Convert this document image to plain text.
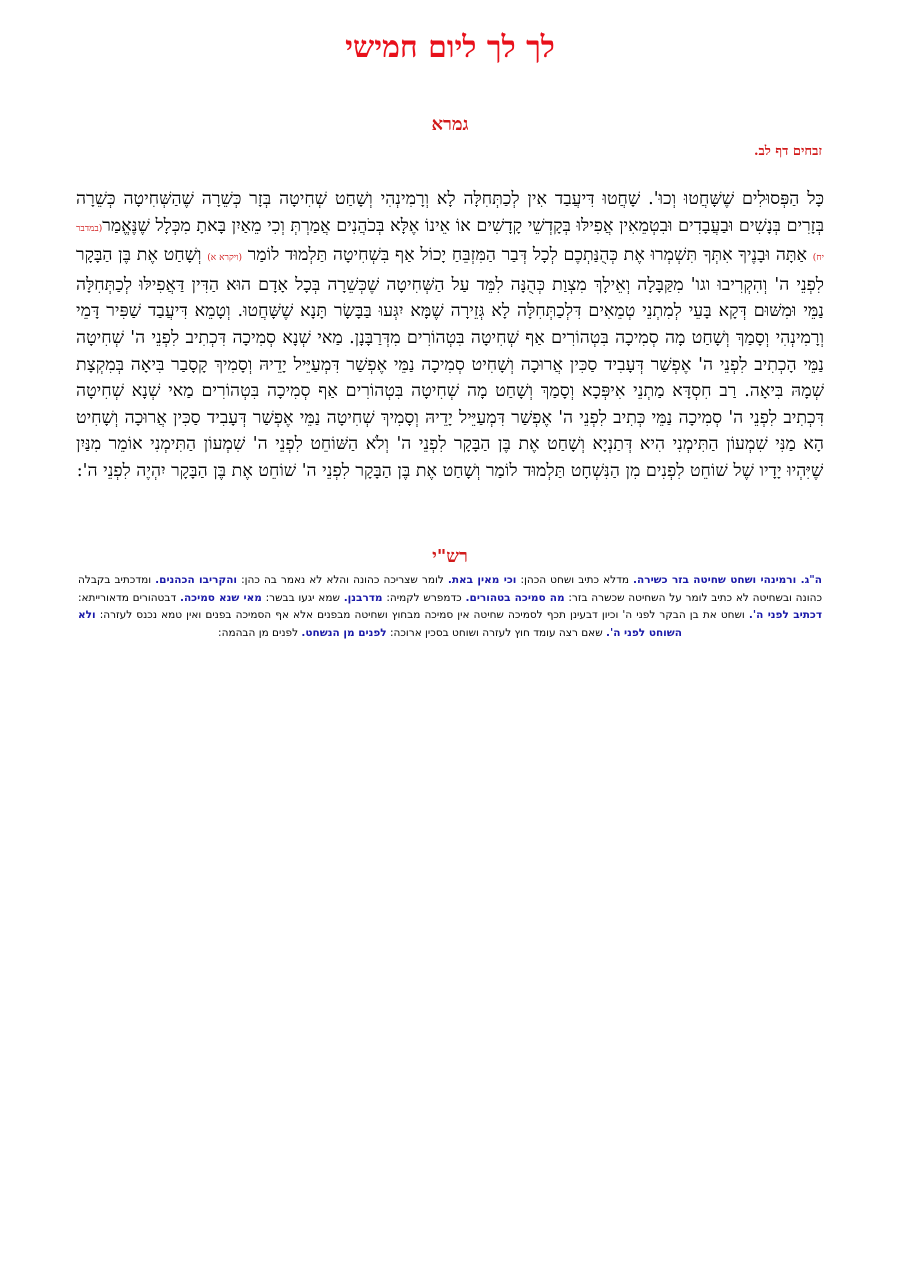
לך לך ליום חמישי
גמרא
זבחים דף לב.

כָּל הַפְּסוּלִים שֶׁשָּׁחֲטוּ וְכוּ'. שָׁחֲטוּ דִּיעֲבַד אִין לְכַתְּחִלָּה לָא וְרָמִינְהִי וְשָׁחַט שְׁחִיטָה בְּזָר כְּשֵׁרָה שֶׁהַשְּׁחִיטָה כְּשֵׁרָה בְּזָרִים בְּנָשִׁים וּבַעֲבָדִים וּבִטְמֵאִין אֲפִילּוּ בְּקָדְשֵׁי קָדָשִׁים אוֹ אֵינוֹ אֶלָּא בְּכֹהֲנִים אֲמַרְתְּ וְכִי מֵאַיִן בָּאתָ מִכְּלָל שֶׁנֶּאֱמַר(במדבר יח) אַתָּה וּבָנֶיךָ אִתְּךָ תִּשְׁמְרוּ אֶת כְּהֻנַּתְכֶם לְכָל דְּבַר הַמִּזְבֵּחַ יָכוֹל אַף בִּשְׁחִיטָה תַּלְמוּד לוֹמַר (ויקרא א) וְשָׁחַט אֶת בֶּן הַבָּקָר לִפְנֵי ה' וְהִקְרִיבוּ וגו' מִקַּבָּלָה וְאֵילָךְ מִצְוַת כְּהֻנָּה לִמֵּד עַל הַשְּׁחִיטָה שֶׁכְּשֵׁרָה בְּכָל אָדָם הוּא הַדִּין דַּאֲפִילּוּ לְכַתְּחִלָּה נַמֵּי וּמִשּׁוּם דְּקָא בָּעֵי לְמִתְנֵי טְמֵאִים דִּלְכַתְּחִלָּה לָא גְּזֵירָה שֶׁמָּא יִגְּעוּ בַּבָּשָׂר תָּנָא שֶׁשָּׁחֲטוּ. וְטָמֵא דִּיעֲבַד שַׁפִּיר דָּמֵי וְרָמִינְהִי וְסָמַךְ וְשָׁחַט מָה סְמִיכָה בִּטְהוֹרִים אַף שְׁחִיטָה בִּטְהוֹרִים מִדְּרַבָּנָן. מַאי שְׁנָא סְמִיכָה דִּכְתִיב לִפְנֵי ה' שְׁחִיטָה נַמֵּי הָכְתִיב לִפְנֵי ה' אֶפְשַׁר דְּעָבִיד סַכִּין אֲרוּכָה וְשָׁחִיט סְמִיכָה נַמֵּי אֶפְשַׁר דִּמְעַיֵּיל יָדֵיהּ וְסָמִיךְ קָסָבַר בִּיאָה בְּמִקְצָת שְׁמָהּ בִּיאָה. רַב חִסְדָּא מַתְנֵי אִיפְּכָא וְסָמַךְ וְשָׁחַט מָה שְׁחִיטָה בִּטְהוֹרִים אַף סְמִיכָה בִּטְהוֹרִים מַאי שְׁנָא שְׁחִיטָה דִּכְתִיב לִפְנֵי ה' סְמִיכָה נַמֵּי כְּתִיב לִפְנֵי ה' אֶפְשַׁר דִּמְעַיֵּיל יָדֵיהּ וְסָמִיךְ שְׁחִיטָה נַמֵּי אֶפְשַׁר דְּעָבִיד סַכִּין אֲרוּכָה וְשָׁחִיט הָא מַנִּי שִׁמְעוֹן הַתִּימְנִי הִיא דְּתַנְיָא וְשָׁחַט אֶת בֶּן הַבָּקָר לִפְנֵי ה' וְלֹא הַשּׁוֹחֵט לִפְנֵי ה' שִׁמְעוֹן הַתִּימְנִי אוֹמֵר מִנַּיִן שֶׁיִּהְיוּ יָדָיו שֶׁל שׁוֹחֵט לִפְנִים מִן הַנִּשְׁחָט תַּלְמוּד לוֹמַר וְשָׁחַט אֶת בֶּן הַבָּקָר לִפְנֵי ה' שׁוֹחֵט אֶת בֶּן הַבָּקָר יִהְיֶה לִפְנֵי ה':

רש"י

ה"ג. ורמינהי ושחט שחיטה בזר כשירה. מדלא כתיב ושחט הכהן: וכי מאין באת. לומר שצריכה כהונה והלא לא נאמר בה כהן: והקריבו הכהנים. ומדכתיב בקבלה כהונה ובשחיטה לא כתיב לומר על השחיטה שכשרה בזר: מה סמיכה בטהורים. כדמפרש לקמיה: מדרבנן. שמא יגעו בבשר: מאי שנא סמיכה. דבטהורים מדאורייתא: דכתיב לפני ה'. ושחט את בן הבקר לפני ה' וכיון דבעינן תכף לסמיכה שחיטה אין סמיכה מבחוץ ושחיטה מבפנים אלא אף הסמיכה בפנים ואין טמא נכנס לעזרה: ולא השוחט לפני ה'. שאם רצה עומד חוץ לעזרה ושוחט בסכין ארוכה: לפנים מן הנשחט. לפנים מן הבהמה:
